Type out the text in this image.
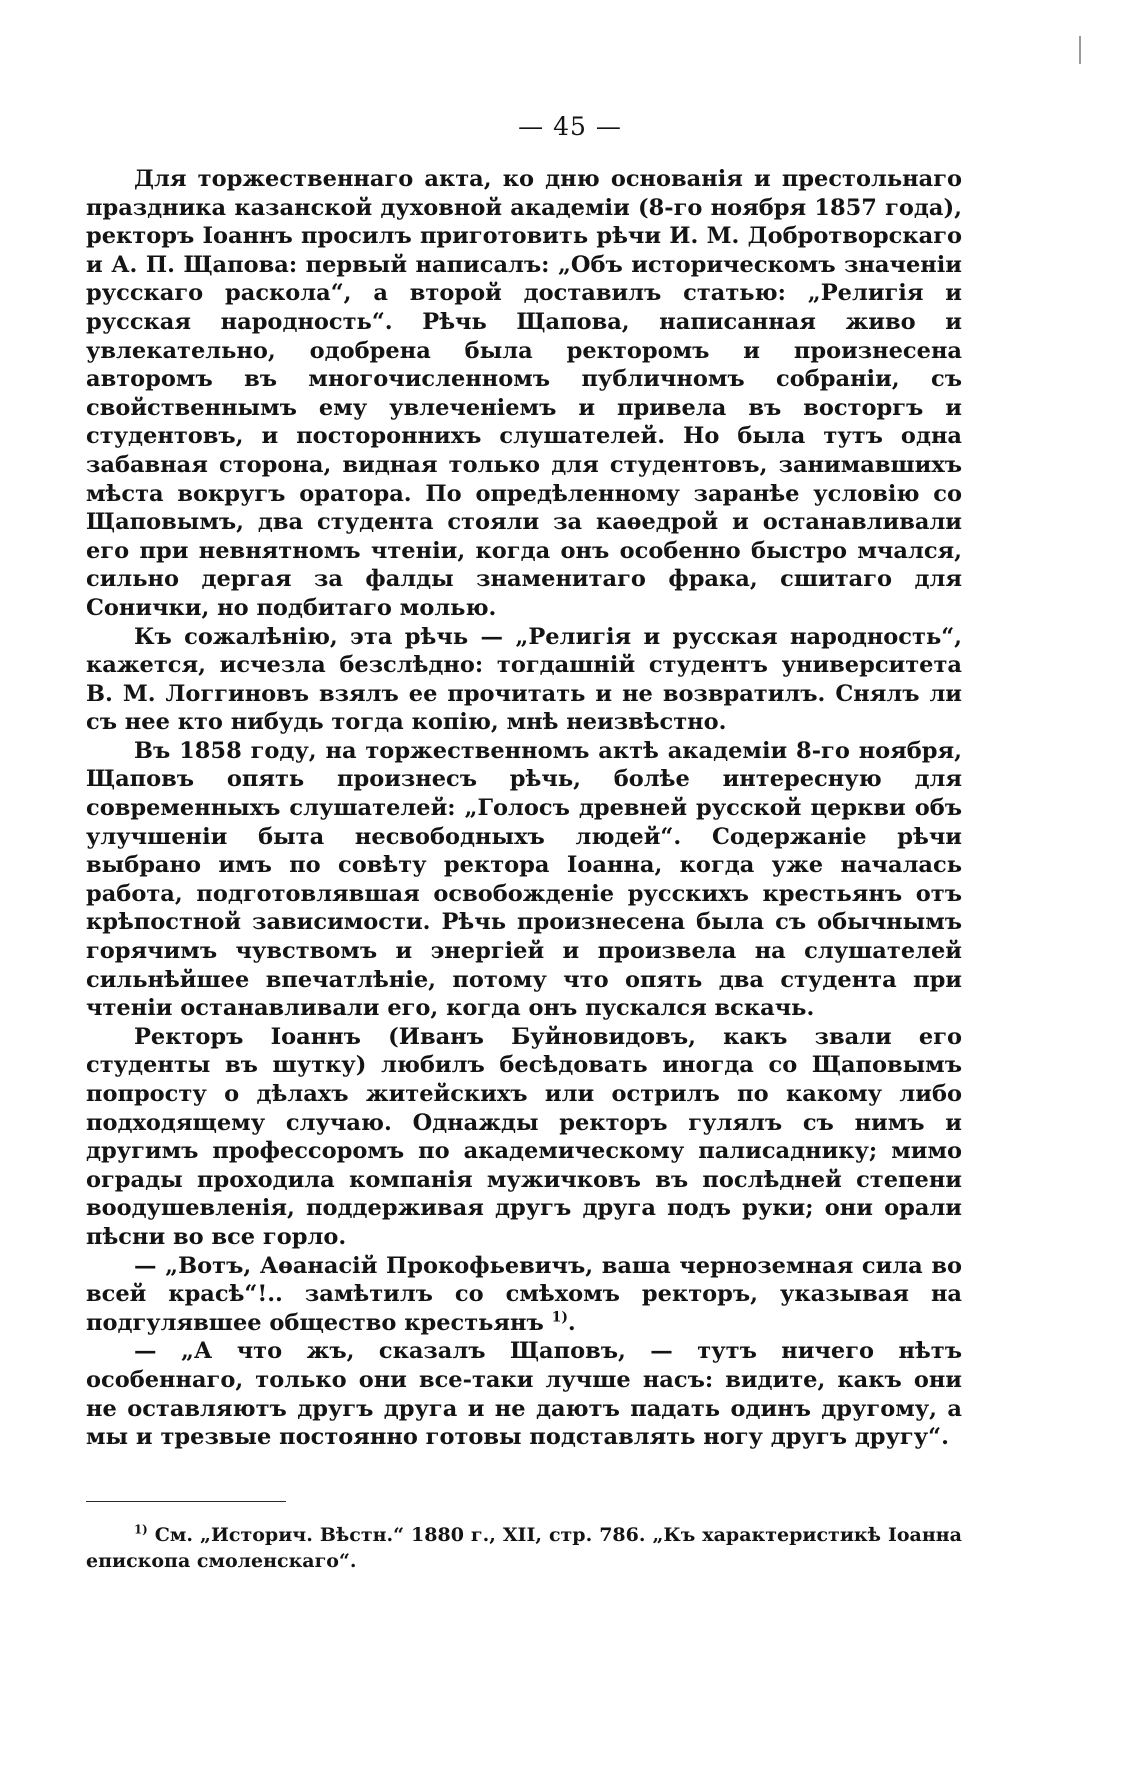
— 45 —

Для торжественнаго акта, ко дню основанія и престольнаго праздника казанской духовной академіи (8-го ноября 1857 года), ректоръ Іоаннъ просилъ приготовить рѣчи И. М. Добротворскаго и А. П. Щапова: первый написалъ: „Объ историческомъ значеніи русскаго раскола“, а второй доставилъ статью: „Религія и русская народность“. Рѣчь Щапова, написанная живо и увлекательно, одобрена была ректоромъ и произнесена авторомъ въ многочисленномъ публичномъ собраніи, съ свойственнымъ ему увлеченіемъ и привела въ восторгъ и студентовъ, и постороннихъ слушателей. Но была тутъ одна забавная сторона, видная только для студентовъ, занимавшихъ мѣста вокругъ оратора. По опредѣленному заранѣе условію со Щаповымъ, два студента стояли за каѳедрой и останавливали его при невнятномъ чтеніи, когда онъ особенно быстро мчался, сильно дергая за фалды знаменитаго фрака, сшитаго для Сонички, но подбитаго молью.

Къ сожалѣнію, эта рѣчь — „Религія и русская народность“, кажется, исчезла безслѣдно: тогдашній студентъ университета В. М. Логгиновъ взялъ ее прочитать и не возвратилъ. Снялъ ли съ нее кто нибудь тогда копію, мнѣ неизвѣстно.

Въ 1858 году, на торжественномъ актѣ академіи 8-го ноября, Щаповъ опять произнесъ рѣчь, болѣе интересную для современныхъ слушателей: „Голосъ древней русской церкви объ улучшеніи быта несвободныхъ людей“. Содержаніе рѣчи выбрано имъ по совѣту ректора Іоанна, когда уже началась работа, подготовлявшая освобожденіе русскихъ крестьянъ отъ крѣпостной зависимости. Рѣчь произнесена была съ обычнымъ горячимъ чувствомъ и энергіей и произвела на слушателей сильнѣйшее впечатлѣніе, потому что опять два студента при чтеніи останавливали его, когда онъ пускался вскачь.

Ректоръ Іоаннъ (Иванъ Буйновидовъ, какъ звали его студенты въ шутку) любилъ бесѣдовать иногда со Щаповымъ попросту о дѣлахъ житейскихъ или острилъ по какому либо подходящему случаю. Однажды ректоръ гулялъ съ нимъ и другимъ профессоромъ по академическому палисаднику; мимо ограды проходила компанія мужичковъ въ послѣдней степени воодушевленія, поддерживая другъ друга подъ руки; они орали пѣсни во все горло.

— „Вотъ, Аѳанасій Прокофьевичъ, ваша черноземная сила во всей красѣ“!.. замѣтилъ со смѣхомъ ректоръ, указывая на подгулявшее общество крестьянъ $^{1)}$.

— „А что жъ, сказалъ Щаповъ, — тутъ ничего нѣтъ особеннаго, только они все-таки лучше насъ: видите, какъ они не оставляютъ другъ друга и не даютъ падать одинъ другому, а мы и трезвые постоянно готовы подставлять ногу другъ другу“.

$^{1)}$ См. „Историч. Вѣстн.“ 1880 г., XII, стр. 786. „Къ характеристикѣ Іоанна епископа смоленскаго“.
